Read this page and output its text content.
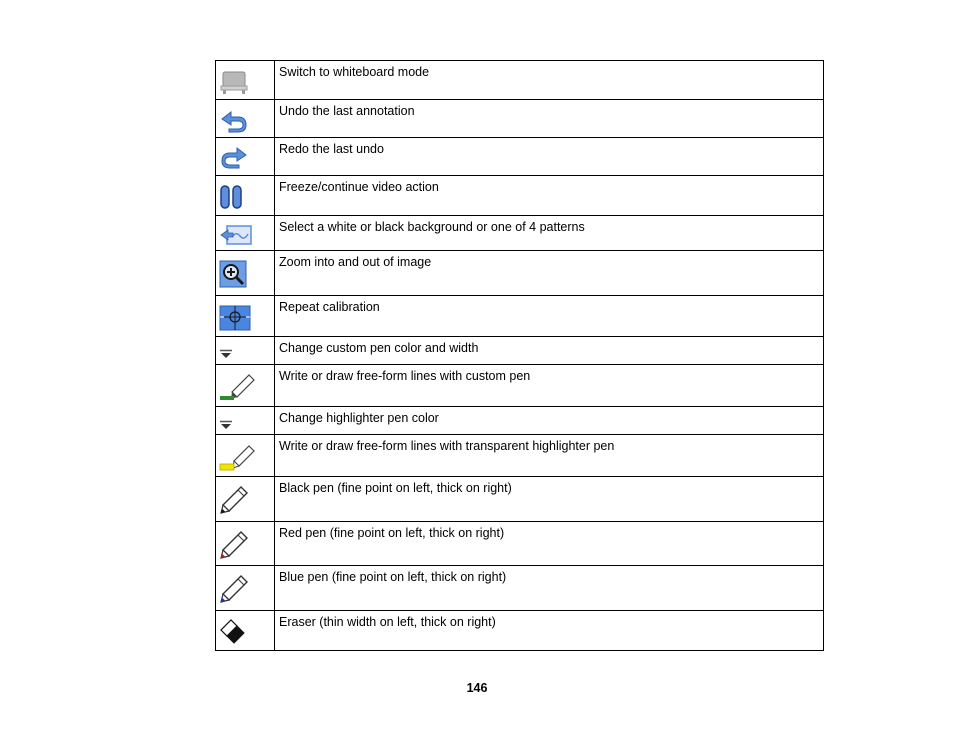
	Switch to whiteboard mode

	Undo the last annotation

	Redo the last undo

	Freeze/continue video action

	Select a white or black background or one of 4 patterns

	Zoom into and out of image

	Repeat calibration

	Change custom pen color and width

	Write or draw free-form lines with custom pen

	Change highlighter pen color

	Write or draw free-form lines with transparent highlighter pen

	Black pen (fine point on left, thick on right)

	Red pen (fine point on left, thick on right)

	Blue pen (fine point on left, thick on right)

	Eraser (thin width on left, thick on right)
146
